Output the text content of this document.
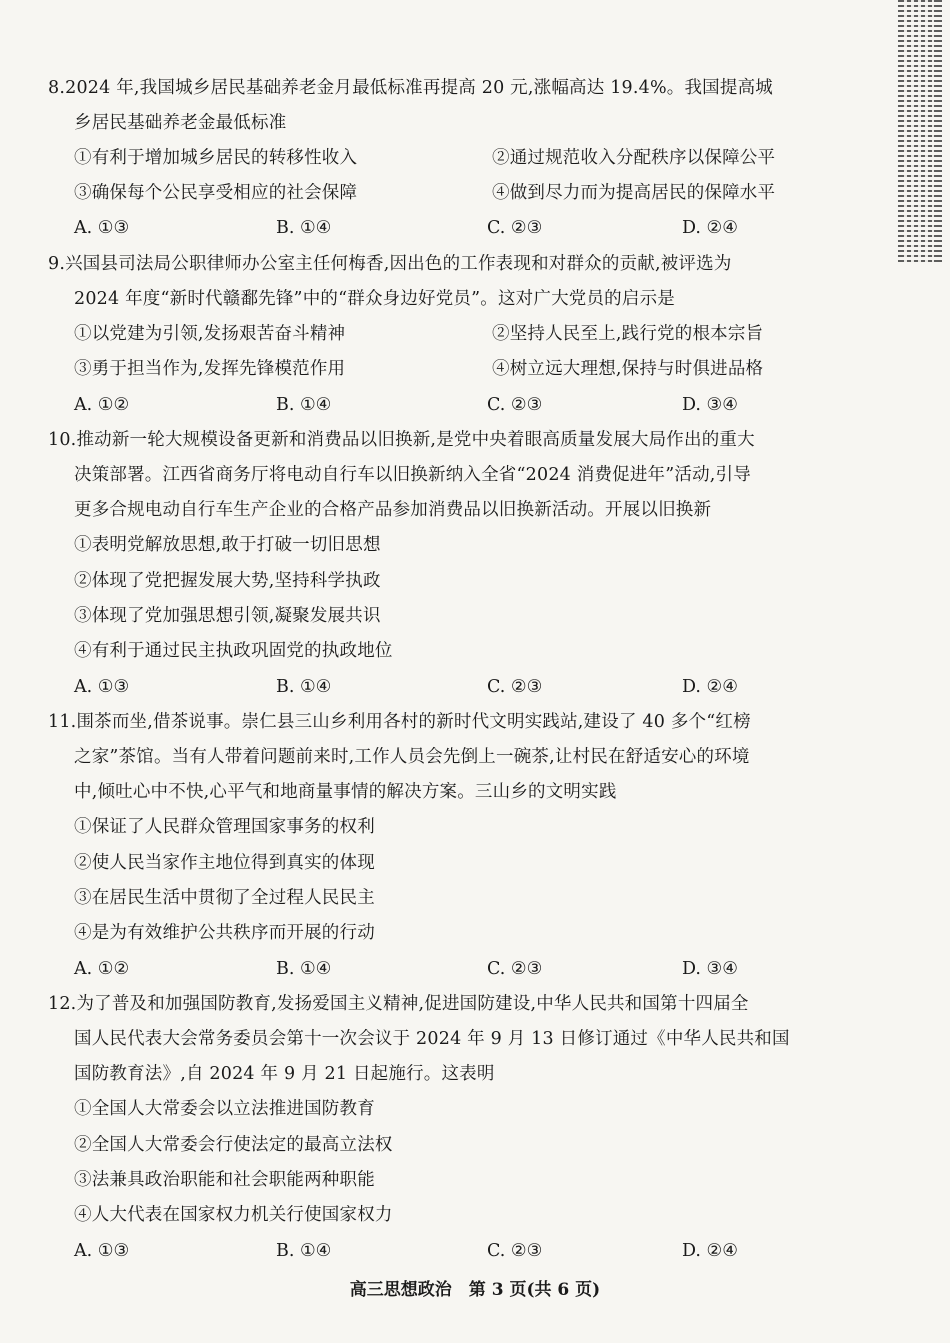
8.2024 年,我国城乡居民基础养老金月最低标准再提高 20 元,涨幅高达 19.4%。我国提高城
乡居民基础养老金最低标准
①有利于增加城乡居民的转移性收入	②通过规范收入分配秩序以保障公平
③确保每个公民享受相应的社会保障	④做到尽力而为提高居民的保障水平
A. ①③	B. ①④	C. ②③	D. ②④
9.兴国县司法局公职律师办公室主任何梅香,因出色的工作表现和对群众的贡献,被评选为
2024 年度“新时代赣鄱先锋”中的“群众身边好党员”。这对广大党员的启示是
①以党建为引领,发扬艰苦奋斗精神	②坚持人民至上,践行党的根本宗旨
③勇于担当作为,发挥先锋模范作用	④树立远大理想,保持与时俱进品格
A. ①②	B. ①④	C. ②③	D. ③④
10.推动新一轮大规模设备更新和消费品以旧换新,是党中央着眼高质量发展大局作出的重大
决策部署。江西省商务厅将电动自行车以旧换新纳入全省“2024 消费促进年”活动,引导
更多合规电动自行车生产企业的合格产品参加消费品以旧换新活动。开展以旧换新
①表明党解放思想,敢于打破一切旧思想
②体现了党把握发展大势,坚持科学执政
③体现了党加强思想引领,凝聚发展共识
④有利于通过民主执政巩固党的执政地位
A. ①③	B. ①④	C. ②③	D. ②④
11.围茶而坐,借茶说事。崇仁县三山乡利用各村的新时代文明实践站,建设了 40 多个“红榜
之家”茶馆。当有人带着问题前来时,工作人员会先倒上一碗茶,让村民在舒适安心的环境
中,倾吐心中不快,心平气和地商量事情的解决方案。三山乡的文明实践
①保证了人民群众管理国家事务的权利
②使人民当家作主地位得到真实的体现
③在居民生活中贯彻了全过程人民民主
④是为有效维护公共秩序而开展的行动
A. ①②	B. ①④	C. ②③	D. ③④
12.为了普及和加强国防教育,发扬爱国主义精神,促进国防建设,中华人民共和国第十四届全
国人民代表大会常务委员会第十一次会议于 2024 年 9 月 13 日修订通过《中华人民共和国
国防教育法》,自 2024 年 9 月 21 日起施行。这表明
①全国人大常委会以立法推进国防教育
②全国人大常委会行使法定的最高立法权
③法兼具政治职能和社会职能两种职能
④人大代表在国家权力机关行使国家权力
A. ①③	B. ①④	C. ②③	D. ②④
高三思想政治　第 3 页(共 6 页)
